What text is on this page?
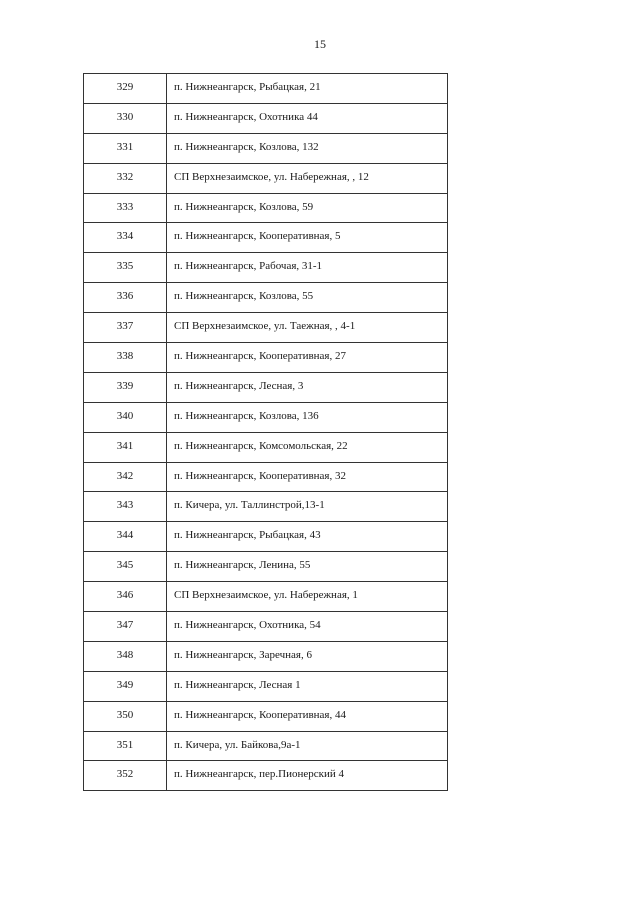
15
329	п. Нижнеангарск, Рыбацкая, 21
330	п. Нижнеангарск, Охотника 44
331	п. Нижнеангарск, Козлова, 132
332	СП Верхнезаимское, ул. Набережная, , 12
333	п. Нижнеангарск, Козлова, 59
334	п. Нижнеангарск, Кооперативная, 5
335	п. Нижнеангарск, Рабочая, 31-1
336	п. Нижнеангарск, Козлова, 55
337	СП Верхнезаимское, ул. Таежная, , 4-1
338	п. Нижнеангарск, Кооперативная, 27
339	п. Нижнеангарск, Лесная, 3
340	п. Нижнеангарск, Козлова, 136
341	п. Нижнеангарск, Комсомольская, 22
342	п. Нижнеангарск, Кооперативная, 32
343	п. Кичера, ул. Таллинстрой,13-1
344	п. Нижнеангарск, Рыбацкая, 43
345	п. Нижнеангарск, Ленина, 55
346	СП Верхнезаимское, ул. Набережная, 1
347	п. Нижнеангарск, Охотника, 54
348	п. Нижнеангарск, Заречная, 6
349	п. Нижнеангарск, Лесная 1
350	п. Нижнеангарск, Кооперативная, 44
351	п. Кичера, ул. Байкова,9а-1
352	п. Нижнеангарск, пер.Пионерский 4
